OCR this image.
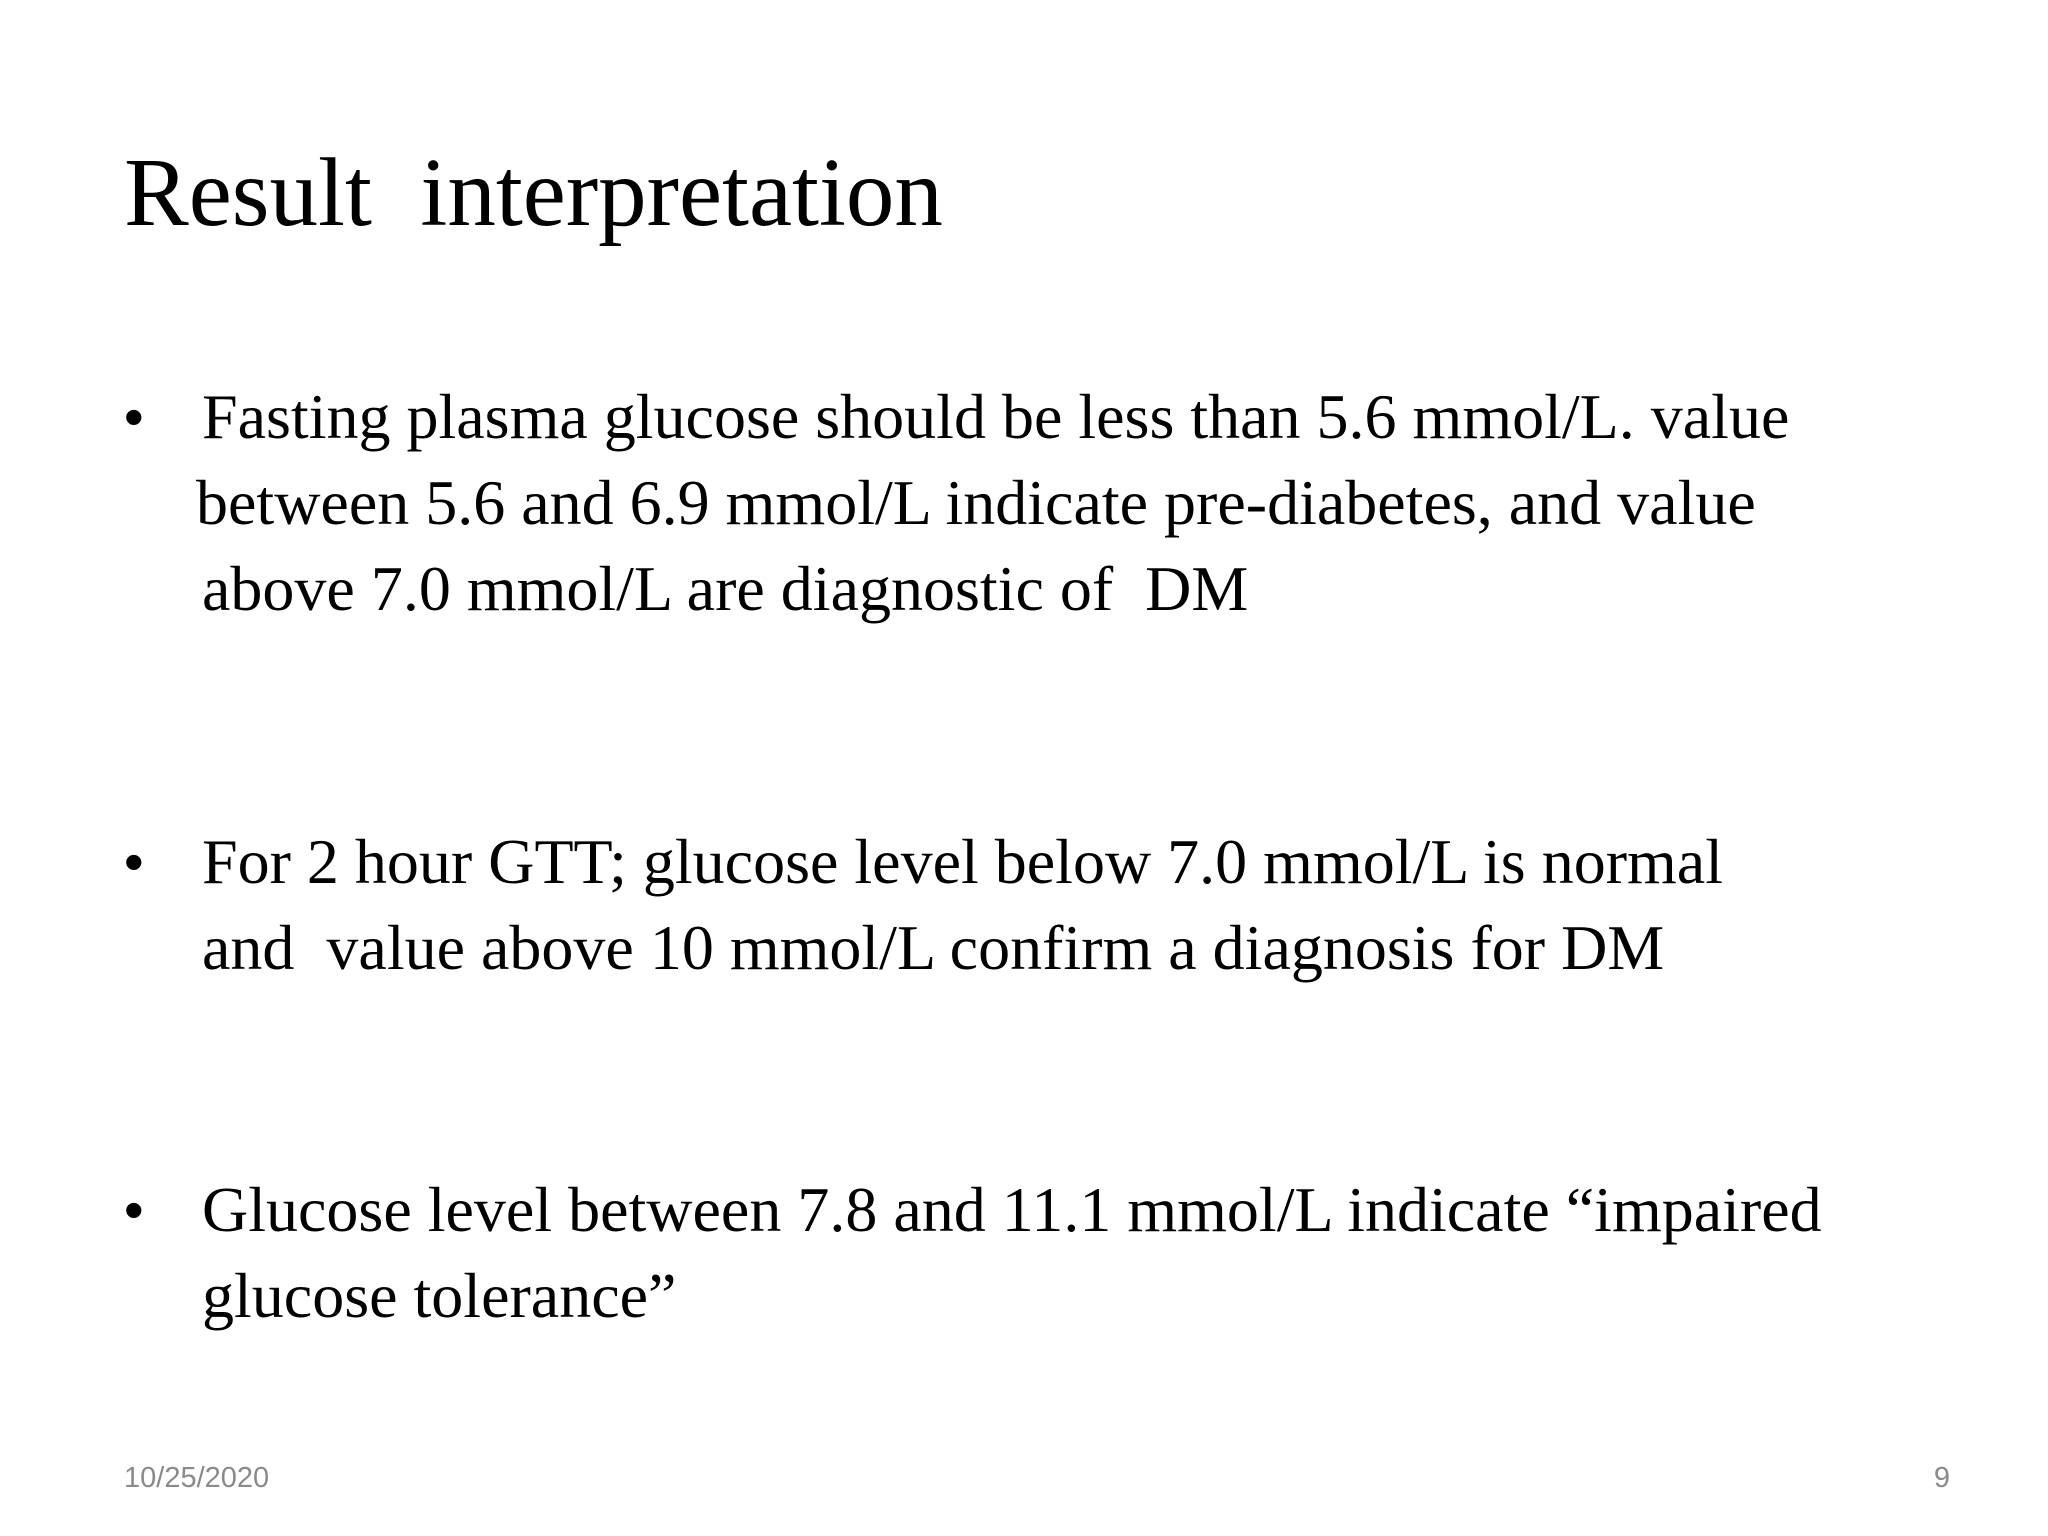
Result  interpretation
• Fasting plasma glucose should be less than 5.6 mmol/L. value
between 5.6 and 6.9 mmol/L indicate pre-diabetes, and value
above 7.0 mmol/L are diagnostic of  DM
• For 2 hour GTT; glucose level below 7.0 mmol/L is normal
and  value above 10 mmol/L confirm a diagnosis for DM
• Glucose level between 7.8 and 11.1 mmol/L indicate “impaired
glucose tolerance”
10/25/2020	9
